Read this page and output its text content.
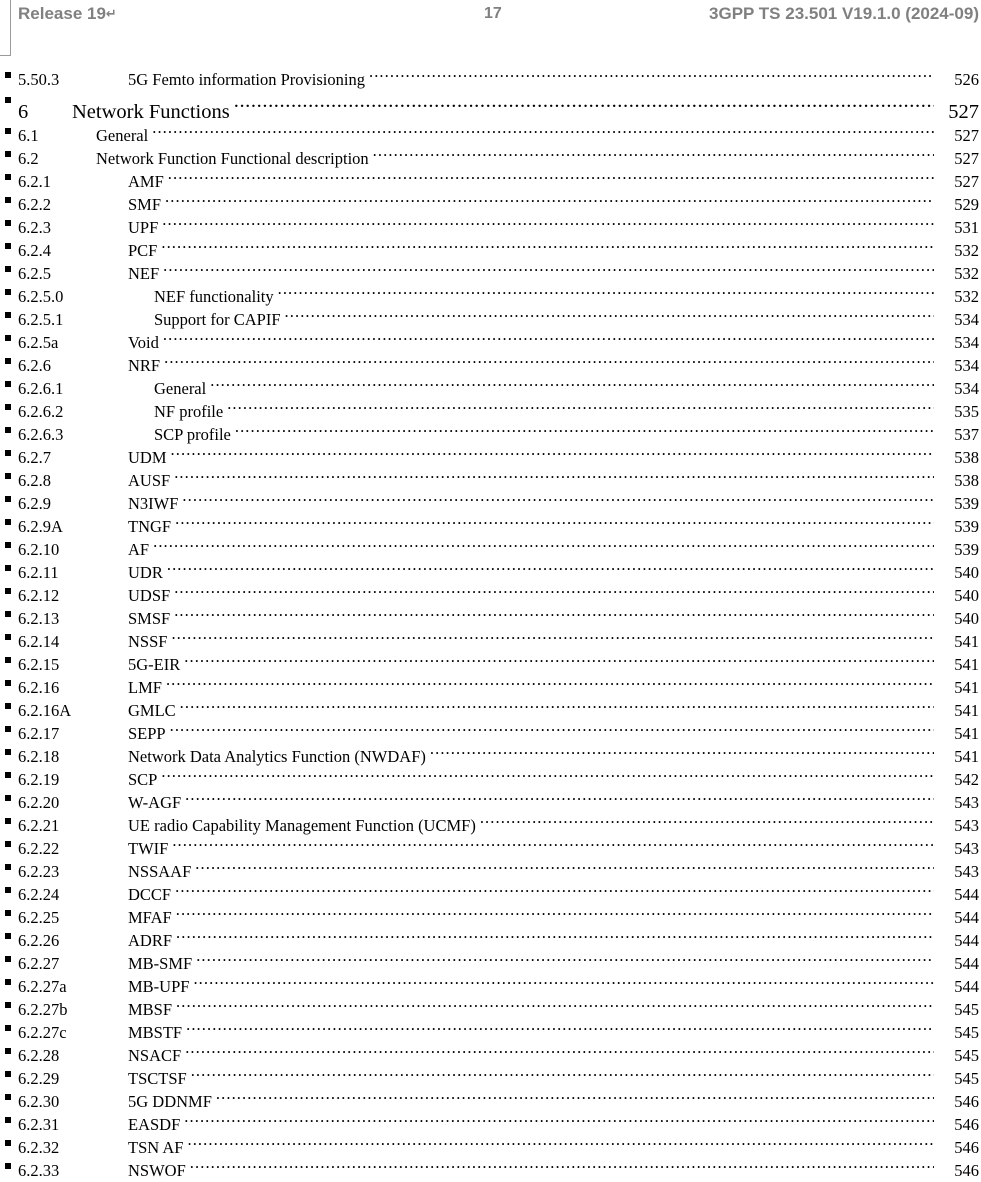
Release 19↵	17	3GPP TS 23.501 V19.1.0 (2024-09)
5.50.3	5G Femto information Provisioning .....	526
6	Network Functions .....	527
6.1	General .....	527
6.2	Network Function Functional description .....	527
6.2.1	AMF .....	527
6.2.2	SMF .....	529
6.2.3	UPF .....	531
6.2.4	PCF .....	532
6.2.5	NEF .....	532
6.2.5.0	NEF functionality .....	532
6.2.5.1	Support for CAPIF .....	534
6.2.5a	Void .....	534
6.2.6	NRF .....	534
6.2.6.1	General .....	534
6.2.6.2	NF profile .....	535
6.2.6.3	SCP profile .....	537
6.2.7	UDM .....	538
6.2.8	AUSF .....	538
6.2.9	N3IWF .....	539
6.2.9A	TNGF .....	539
6.2.10	AF .....	539
6.2.11	UDR .....	540
6.2.12	UDSF .....	540
6.2.13	SMSF .....	540
6.2.14	NSSF .....	541
6.2.15	5G-EIR .....	541
6.2.16	LMF .....	541
6.2.16A	GMLC .....	541
6.2.17	SEPP .....	541
6.2.18	Network Data Analytics Function (NWDAF) .....	541
6.2.19	SCP .....	542
6.2.20	W-AGF .....	543
6.2.21	UE radio Capability Management Function (UCMF) .....	543
6.2.22	TWIF .....	543
6.2.23	NSSAAF .....	543
6.2.24	DCCF .....	544
6.2.25	MFAF .....	544
6.2.26	ADRF .....	544
6.2.27	MB-SMF .....	544
6.2.27a	MB-UPF .....	544
6.2.27b	MBSF .....	545
6.2.27c	MBSTF .....	545
6.2.28	NSACF .....	545
6.2.29	TSCTSF .....	545
6.2.30	5G DDNMF .....	546
6.2.31	EASDF .....	546
6.2.32	TSN AF .....	546
6.2.33	NSWOF .....	546
